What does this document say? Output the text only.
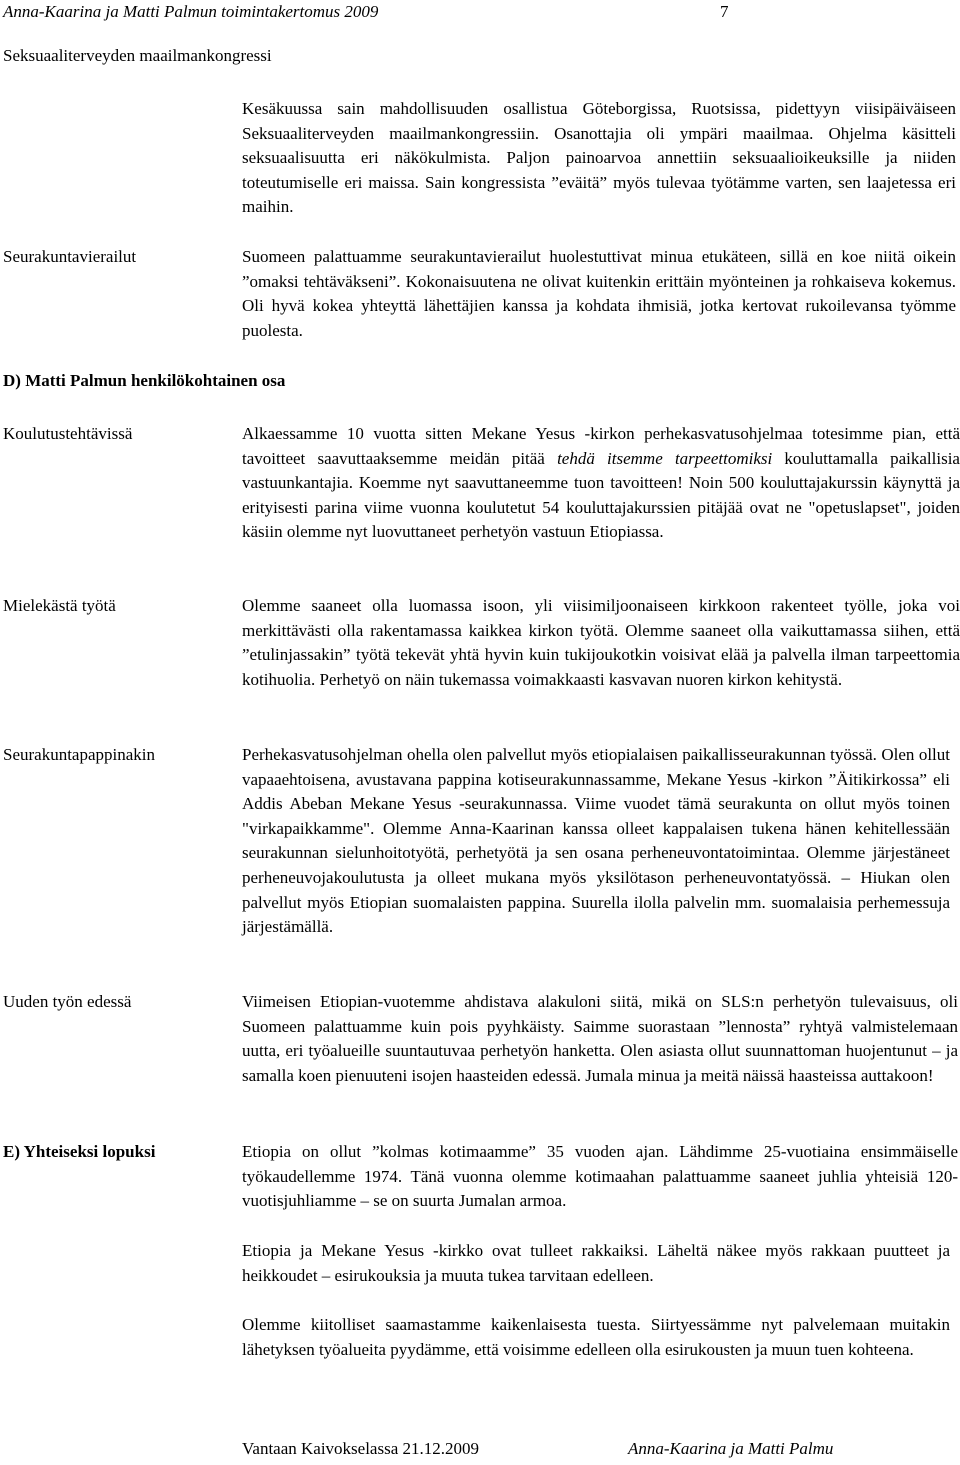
Anna-Kaarina ja Matti Palmun toimintakertomus 2009	7
Seksuaaliterveyden maailmankongressi

Kesäkuussa sain mahdollisuuden osallistua Göteborgissa, Ruotsissa, pidettyyn viisipäiväiseen Seksuaaliterveyden maailmankongressiin. Osanottajia oli ympäri maailmaa. Ohjelma käsitteli seksuaalisuutta eri näkökulmista. Paljon painoarvoa annettiin seksuaalioikeuksille ja niiden toteutumiselle eri maissa. Sain kongressista ”eväitä” myös tulevaa työtämme varten, sen laajetessa eri maihin.

Seurakuntavierailut	Suomeen palattuamme seurakuntavierailut huolestuttivat minua etukäteen, sillä en koe niitä oikein ”omaksi tehtäväkseni”. Kokonaisuutena ne olivat kuitenkin erittäin myönteinen ja rohkaiseva kokemus. Oli hyvä kokea yhteyttä lähettäjien kanssa ja kohdata ihmisiä, jotka kertovat rukoilevansa työmme puolesta.

D) Matti Palmun henkilökohtainen osa
Koulutustehtävissä	Alkaessamme 10 vuotta sitten Mekane Yesus -kirkon perhekasvatusohjelmaa totesimme pian, että tavoitteet saavuttaaksemme meidän pitää tehdä itsemme tarpeettomiksi kouluttamalla paikallisia vastuunkantajia. Koemme nyt saavuttaneemme tuon tavoitteen! Noin 500 kouluttajakurssin käynyttä ja erityisesti parina viime vuonna koulutetut 54 kouluttajakurssien pitäjää ovat ne "opetuslapset", joiden käsiin olemme nyt luovuttaneet perhetyön vastuun Etiopiassa.

Mielekästä työtä	Olemme saaneet olla luomassa isoon, yli viisimiljoonaiseen kirkkoon rakenteet työlle, joka voi merkittävästi olla rakentamassa kaikkea kirkon työtä. Olemme saaneet olla vaikuttamassa siihen, että ”etulinjassakin” työtä tekevät yhtä hyvin kuin tukijoukotkin voisivat elää ja palvella ilman tarpeettomia kotihuolia. Perhetyö on näin tukemassa voimakkaasti kasvavan nuoren kirkon kehitystä.

Seurakuntapappinakin	Perhekasvatusohjelman ohella olen palvellut myös etiopialaisen paikallisseurakunnan työssä. Olen ollut vapaaehtoisena, avustavana pappina kotiseurakunnassamme, Mekane Yesus -kirkon ”Äitikirkossa” eli Addis Abeban Mekane Yesus -seurakunnassa. Viime vuodet tämä seurakunta on ollut myös toinen "virkapaikkamme". Olemme Anna-Kaarinan kanssa olleet kappalaisen tukena hänen kehitellessään seurakunnan sielunhoitotyötä, perhetyötä ja sen osana perheneuvontatoimintaa. Olemme järjestäneet perheneuvojakoulutusta ja olleet mukana myös yksilötason perheneuvontatyössä. – Hiukan olen palvellut myös Etiopian suomalaisten pappina. Suurella ilolla palvelin mm. suomalaisia perhemessuja järjestämällä.

Uuden työn edessä	Viimeisen Etiopian-vuotemme ahdistava alakuloni siitä, mikä on SLS:n perhetyön tulevaisuus, oli Suomeen palattuamme kuin pois pyyhkäisty. Saimme suorastaan ”lennosta” ryhtyä valmistelemaan uutta, eri työalueille suuntautuvaa perhetyön hanketta. Olen asiasta ollut suunnattoman huojentunut – ja samalla koen pienuuteni isojen haasteiden edessä. Jumala minua ja meitä näissä haasteissa auttakoon!

E) Yhteiseksi lopuksi	Etiopia on ollut ”kolmas kotimaamme” 35 vuoden ajan. Lähdimme 25-vuotiaina ensimmäiselle työkaudellemme 1974. Tänä vuonna olemme kotimaahan palattuamme saaneet juhlia yhteisiä 120-vuotisjuhliamme – se on suurta Jumalan armoa.

Etiopia ja Mekane Yesus -kirkko ovat tulleet rakkaiksi. Läheltä näkee myös rakkaan puutteet ja heikkoudet – esirukouksia ja muuta tukea tarvitaan edelleen.

Olemme kiitolliset saamastamme kaikenlaisesta tuesta. Siirtyessämme nyt palvelemaan muitakin lähetyksen työalueita pyydämme, että voisimme edelleen olla esirukousten ja muun tuen kohteena.

Vantaan Kaivokselassa 21.12.2009	Anna-Kaarina ja Matti Palmu
